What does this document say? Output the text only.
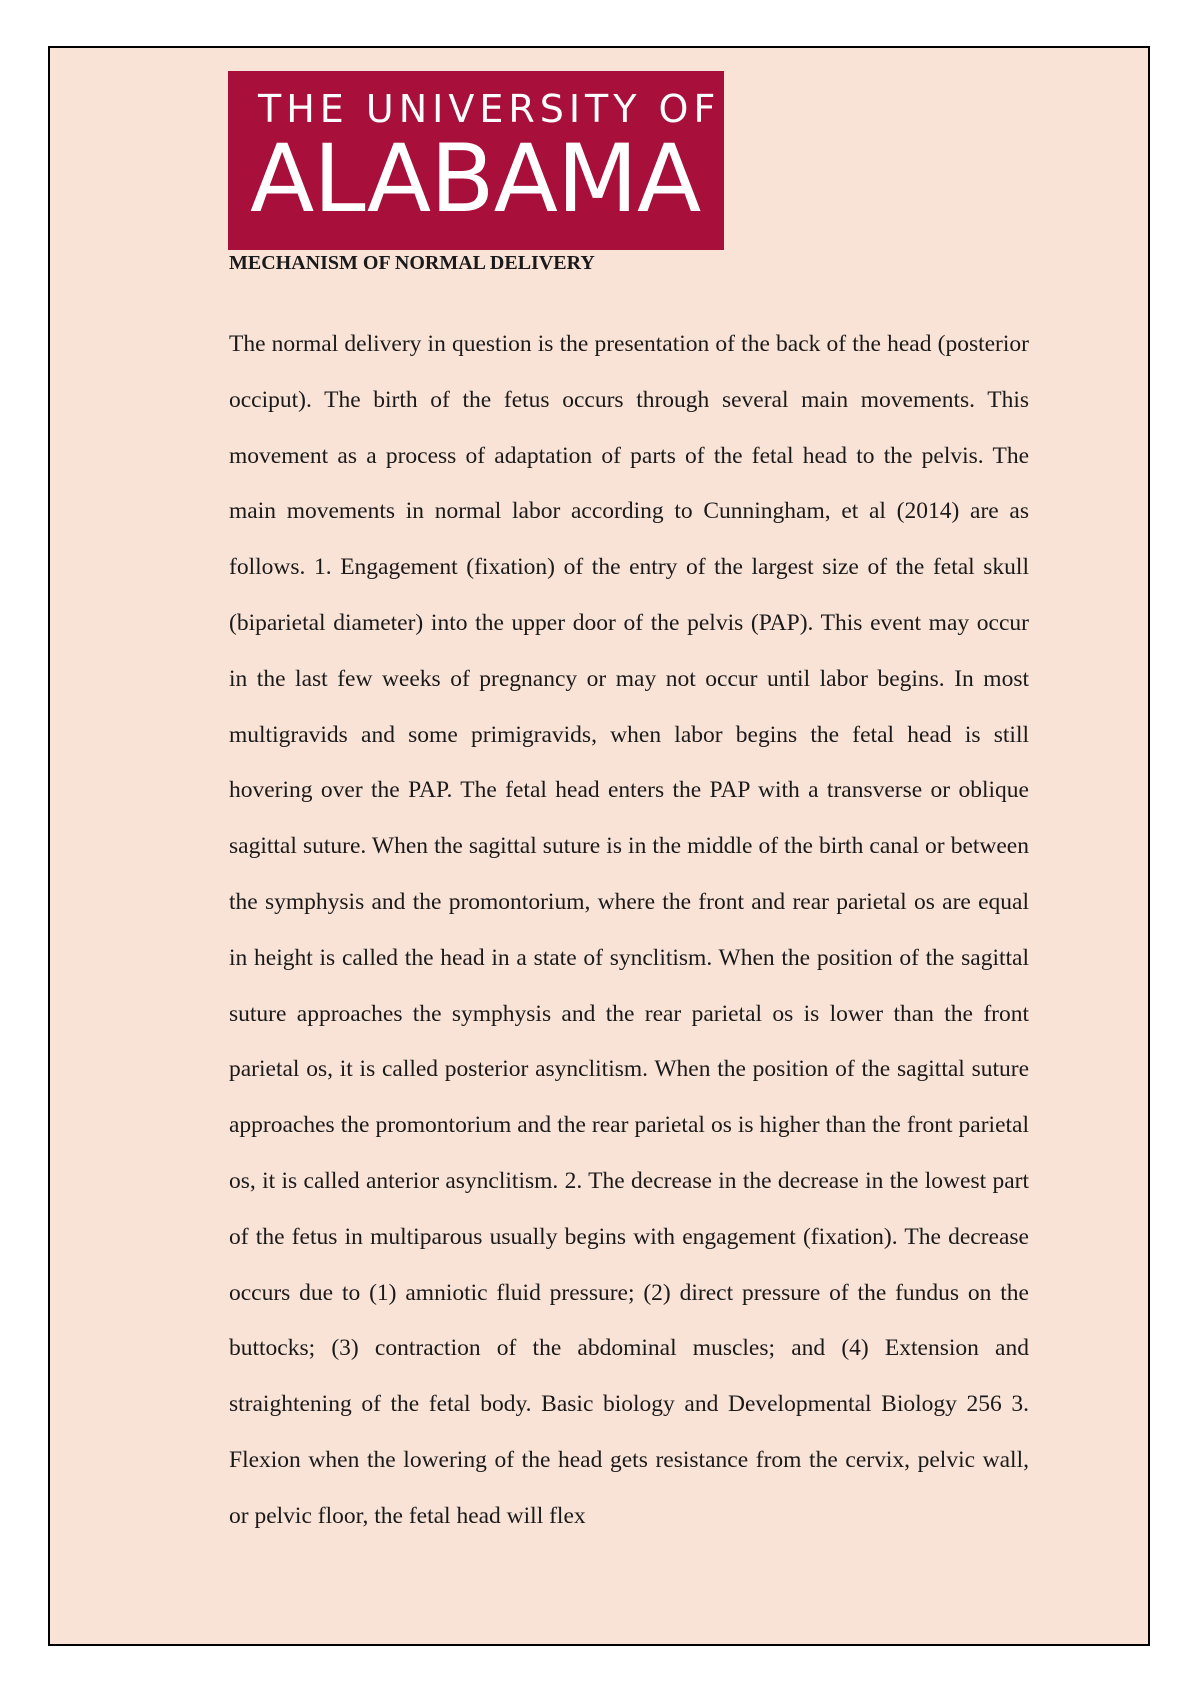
THE UNIVERSITY OF
ALABAMA
MECHANISM OF NORMAL DELIVERY

The normal delivery in question is the presentation of the back of the head (posterior occiput). The birth of the fetus occurs through several main movements. This movement as a process of adaptation of parts of the fetal head to the pelvis. The main movements in normal labor according to Cunningham, et al (2014) are as follows. 1. Engagement (fixation) of the entry of the largest size of the fetal skull (biparietal diameter) into the upper door of the pelvis (PAP). This event may occur in the last few weeks of pregnancy or may not occur until labor begins. In most multigravids and some primigravids, when labor begins the fetal head is still hovering over the PAP. The fetal head enters the PAP with a transverse or oblique sagittal suture. When the sagittal suture is in the middle of the birth canal or between the symphysis and the promontorium, where the front and rear parietal os are equal in height is called the head in a state of synclitism. When the position of the sagittal suture approaches the symphysis and the rear parietal os is lower than the front parietal os, it is called posterior asynclitism. When the position of the sagittal suture approaches the promontorium and the rear parietal os is higher than the front parietal os, it is called anterior asynclitism. 2. The decrease in the decrease in the lowest part of the fetus in multiparous usually begins with engagement (fixation). The decrease occurs due to (1) amniotic fluid pressure; (2) direct pressure of the fundus on the buttocks; (3) contraction of the abdominal muscles; and (4) Extension and straightening of the fetal body. Basic biology and Developmental Biology 256 3. Flexion when the lowering of the head gets resistance from the cervix, pelvic wall, or pelvic floor, the fetal head will flex
